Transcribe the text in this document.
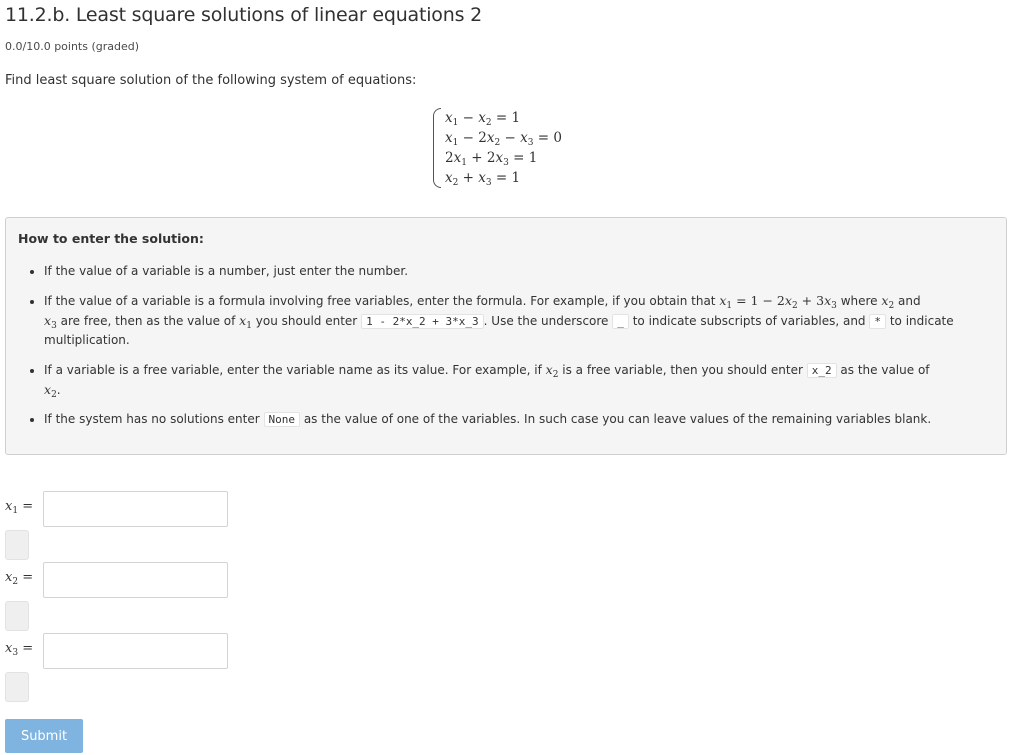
11.2.b. Least square solutions of linear equations 2
0.0/10.0 points (graded)
Find least square solution of the following system of equations:
$x_1 - x_2 = 1$
$x_1 - 2x_2 - x_3 = 0$
$2x_1 + 2x_3 = 1$
$x_2 + x_3 = 1$
How to enter the solution:
• If the value of a variable is a number, just enter the number.
• If the value of a variable is a formula involving free variables, enter the formula. For example, if you obtain that $x_1 = 1 - 2x_2 + 3x_3$ where $x_2$ and
$x_3$ are free, then as the value of $x_1$ you should enter 1 - 2*x_2 + 3*x_3 . Use the underscore _ to indicate subscripts of variables, and * to indicate multiplication.
• If a variable is a free variable, enter the variable name as its value. For example, if $x_2$ is a free variable, then you should enter x_2 as the value of
$x_2$.
• If the system has no solutions enter None as the value of one of the variables. In such case you can leave values of the remaining variables blank.
$x_1$ =
$x_2$ =
$x_3$ =
Submit
